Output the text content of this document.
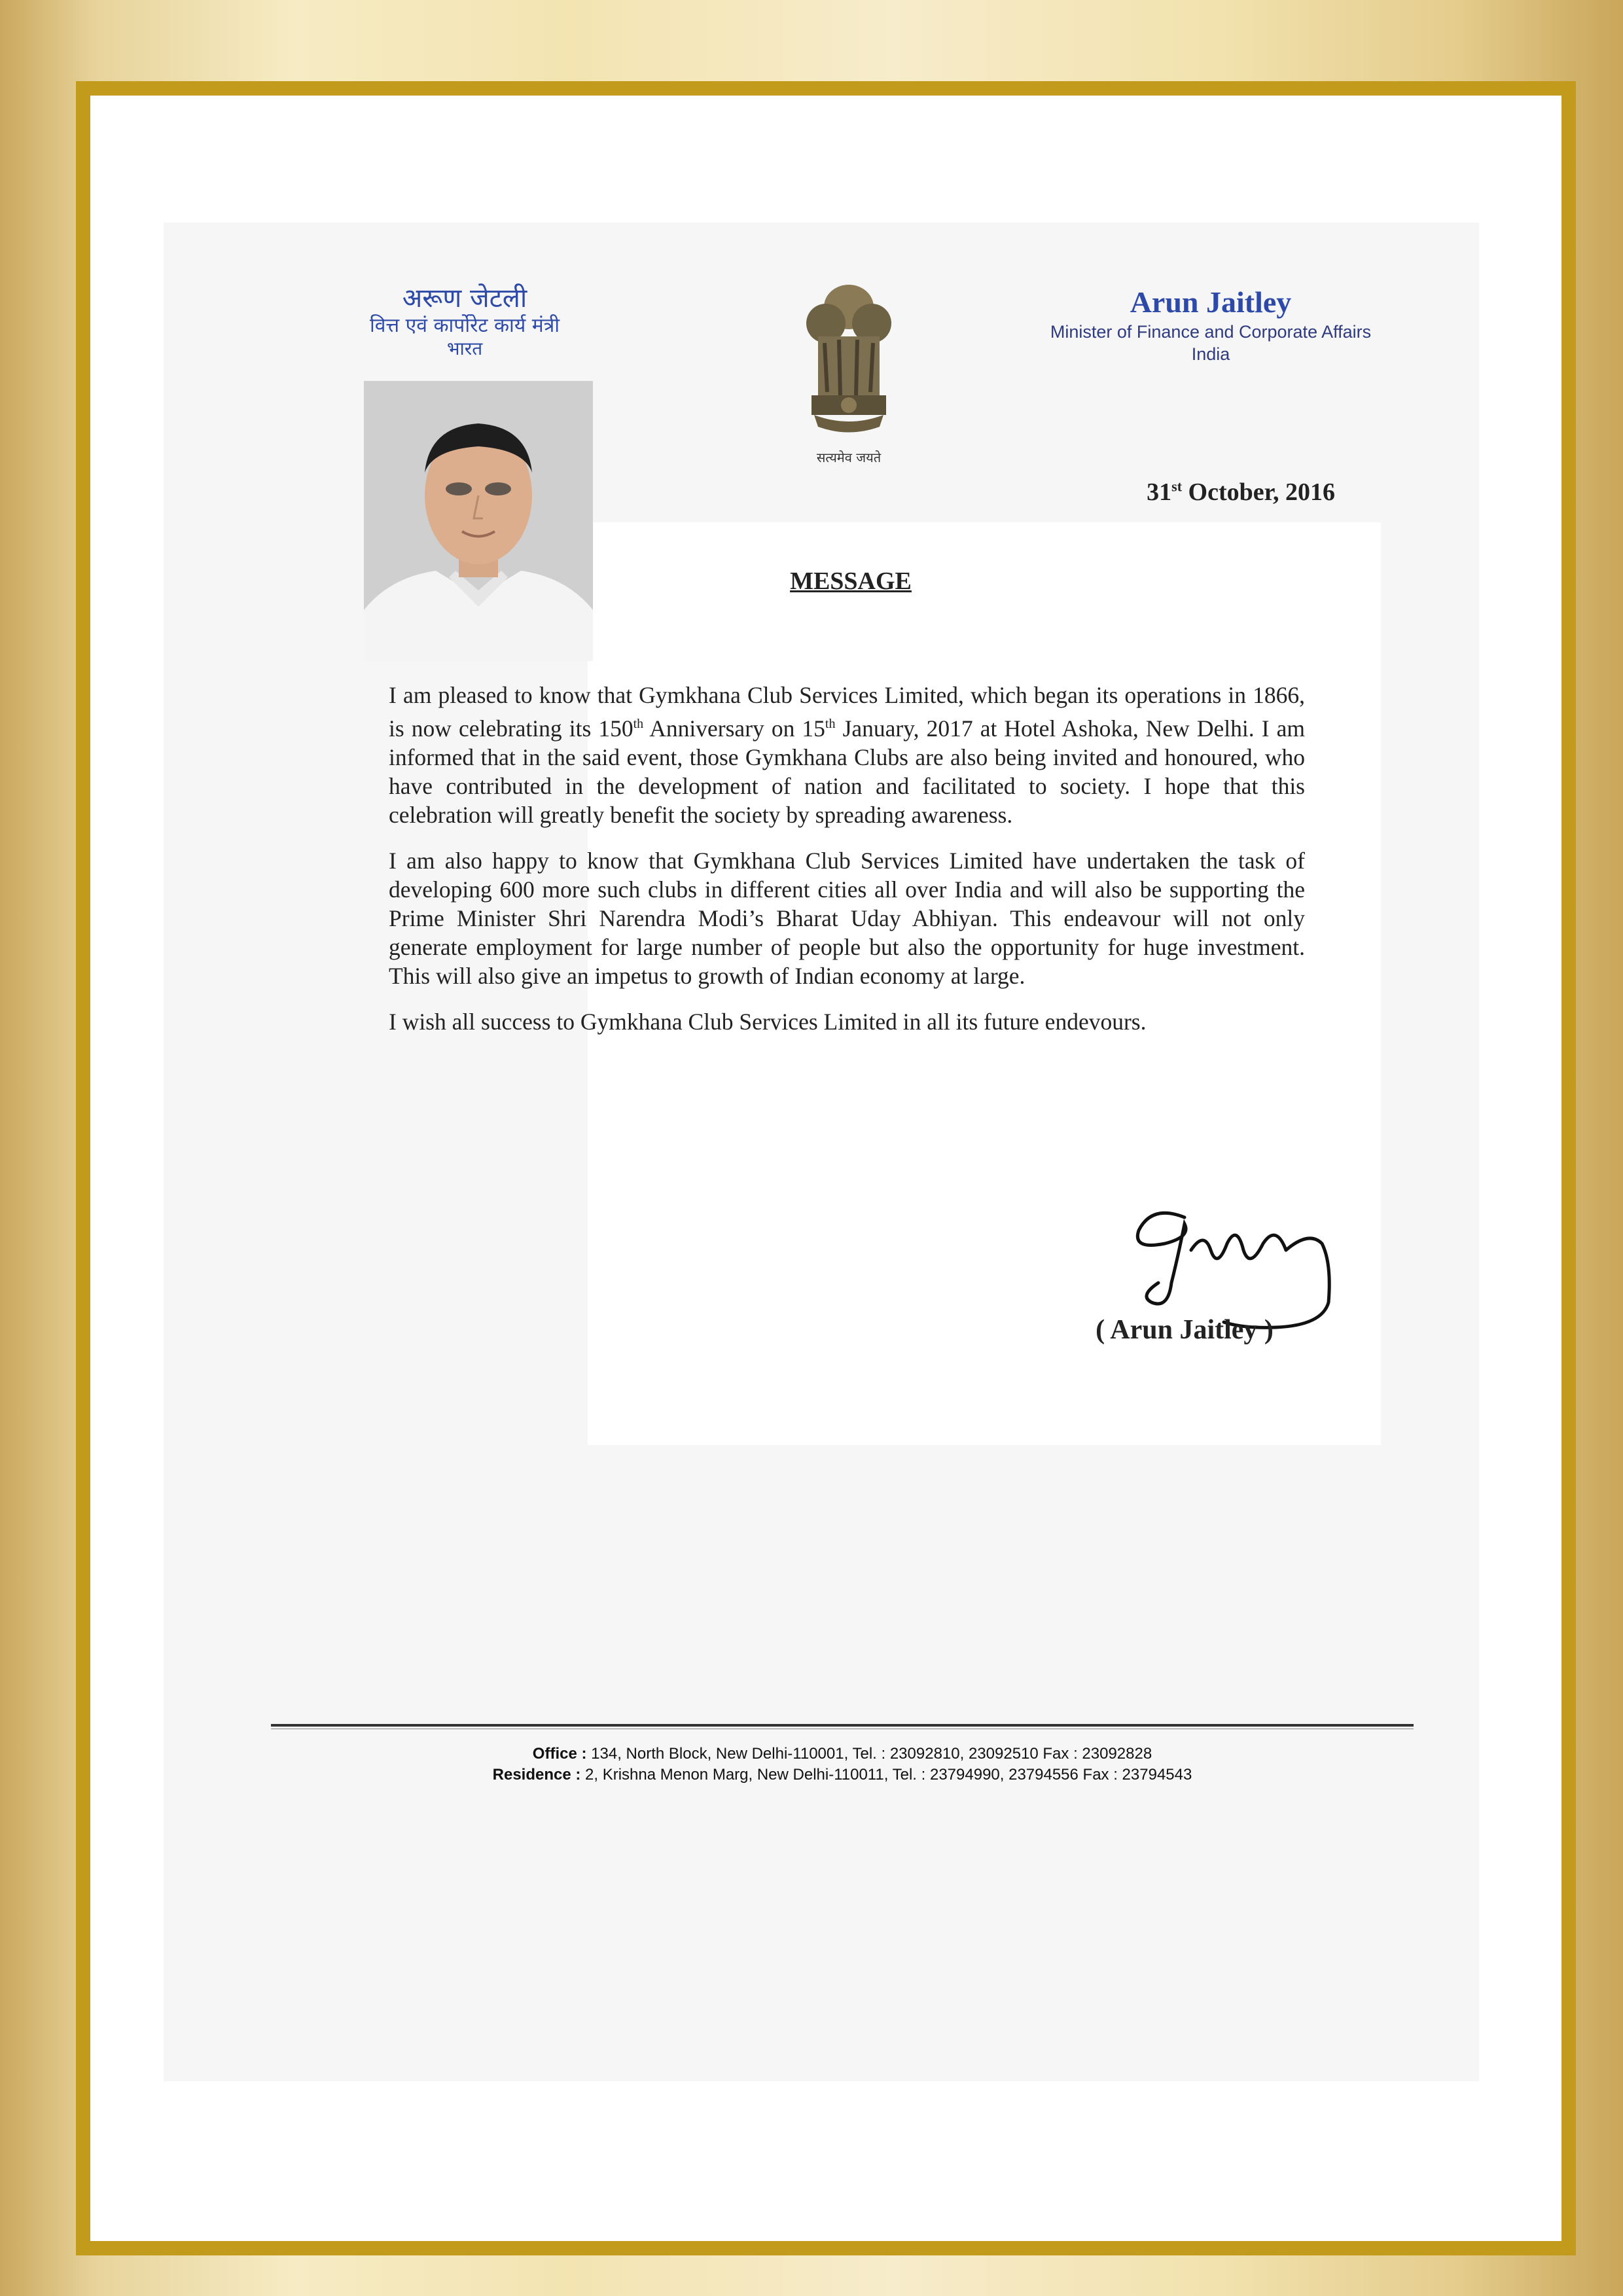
अरूण जेटली
वित्त एवं कार्पोरेट कार्य मंत्री
भारत
सत्यमेव जयते
Arun Jaitley
Minister of Finance and Corporate Affairs
India
31st October, 2016
MESSAGE

I am pleased to know that Gymkhana Club Services Limited, which began its operations in 1866, is now celebrating its 150th Anniversary on 15th January, 2017 at Hotel Ashoka, New Delhi. I am informed that in the said event, those Gymkhana Clubs are also being invited and honoured, who have contributed in the development of nation and facilitated to society. I hope that this celebration will greatly benefit the society by spreading awareness.

I am also happy to know that Gymkhana Club Services Limited have undertaken the task of developing 600 more such clubs in different cities all over India and will also be supporting the Prime Minister Shri Narendra Modi’s Bharat Uday Abhiyan. This endeavour will not only generate employment for large number of people but also the opportunity for huge investment. This will also give an impetus to growth of Indian economy at large.

I wish all success to Gymkhana Club Services Limited in all its future endevours.

( Arun Jaitley )
Office : 134, North Block, New Delhi-110001, Tel. : 23092810, 23092510 Fax : 23092828
Residence : 2, Krishna Menon Marg, New Delhi-110011, Tel. : 23794990, 23794556 Fax : 23794543
